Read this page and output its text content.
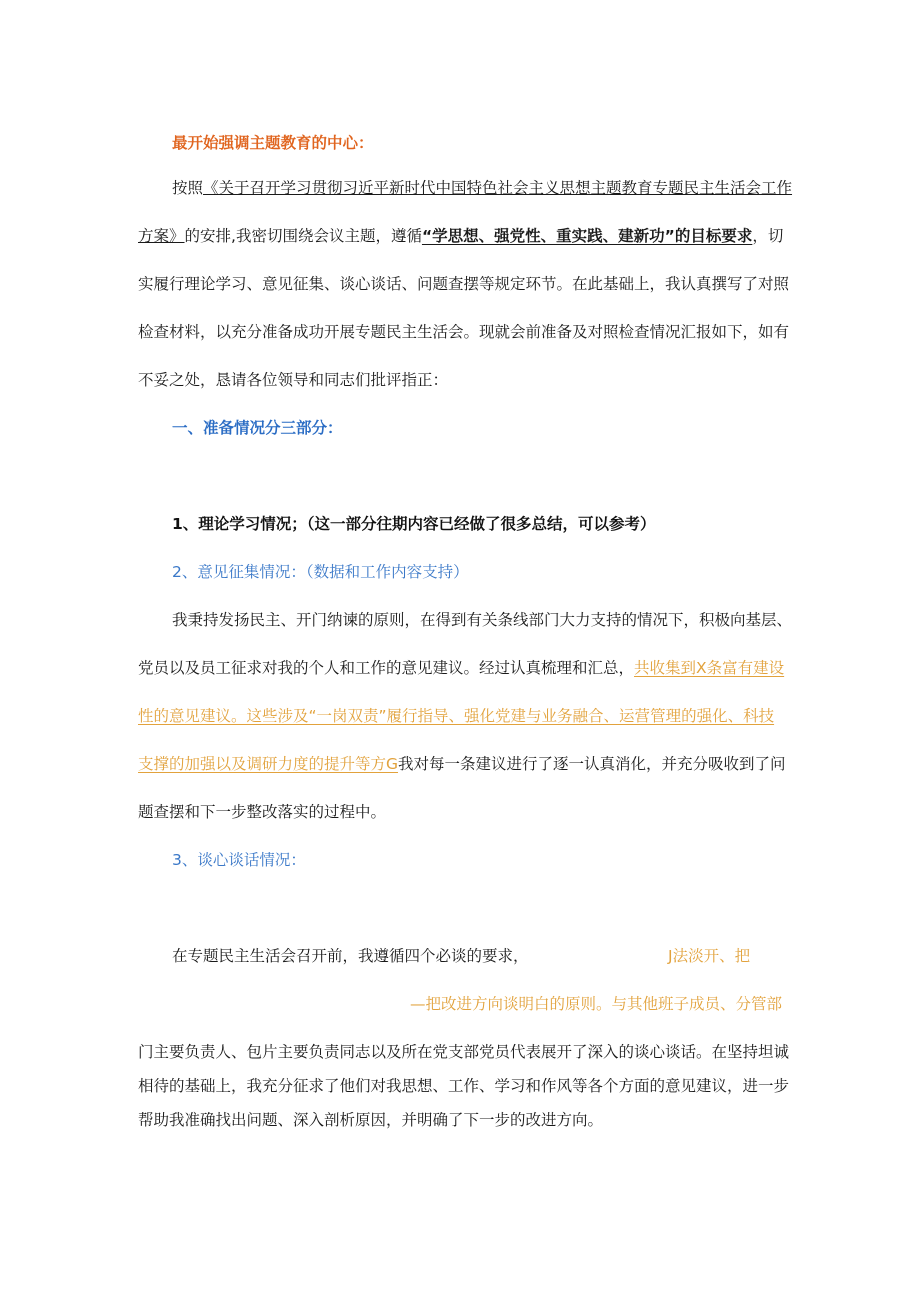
最开始强调主题教育的中心：
按照《关于召开学习贯彻习近平新时代中国特色社会主义思想主题教育专题民主生活会工作
方案》的安排,我密切围绕会议主题，遵循“学思想、强党性、重实践、建新功”的目标要求，切
实履行理论学习、意见征集、谈心谈话、问题查摆等规定环节。在此基础上，我认真撰写了对照
检查材料，以充分准备成功开展专题民主生活会。现就会前准备及对照检查情况汇报如下，如有
不妥之处，恳请各位领导和同志们批评指正：
一、准备情况分三部分：
1、理论学习情况；（这一部分往期内容已经做了很多总结，可以参考）
2、意见征集情况：（数据和工作内容支持）
我秉持发扬民主、开门纳谏的原则，在得到有关条线部门大力支持的情况下，积极向基层、
党员以及员工征求对我的个人和工作的意见建议。经过认真梳理和汇总，共收集到X条富有建设
性的意见建议。这些涉及“一岗双责”履行指导、强化党建与业务融合、运营管理的强化、科技
支撑的加强以及调研力度的提升等方G我对每一条建议进行了逐一认真消化，并充分吸收到了问
题查摆和下一步整改落实的过程中。
3、谈心谈话情况：
在专题民主生活会召开前，我遵循四个必谈的要求，	J法淡开、把
—把改进方向谈明白的原则。与其他班子成员、分管部
门主要负责人、包片主要负责同志以及所在党支部党员代表展开了深入的谈心谈话。在坚持坦诚
相待的基础上，我充分征求了他们对我思想、工作、学习和作风等各个方面的意见建议，进一步
帮助我准确找出问题、深入剖析原因，并明确了下一步的改进方向。
